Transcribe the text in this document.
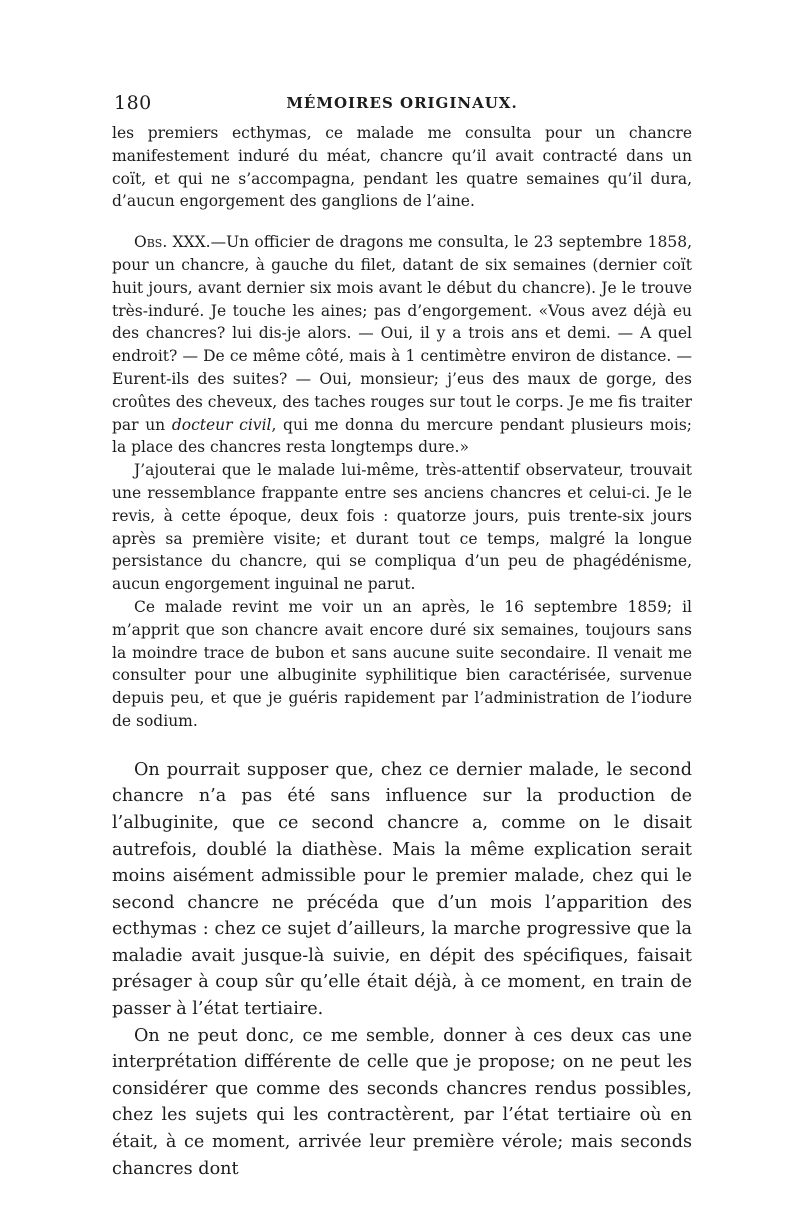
180	MÉMOIRES ORIGINAUX.

les premiers ecthymas, ce malade me consulta pour un chancre manifestement induré du méat, chancre qu’il avait contracté dans un coït, et qui ne s’accompagna, pendant les quatre semaines qu’il dura, d’aucun engorgement des ganglions de l’aine.

Obs. XXX.—Un officier de dragons me consulta, le 23 septembre 1858, pour un chancre, à gauche du filet, datant de six semaines (dernier coït huit jours, avant dernier six mois avant le début du chancre). Je le trouve très-induré. Je touche les aines; pas d’engorgement. «Vous avez déjà eu des chancres? lui dis-je alors. — Oui, il y a trois ans et demi. — A quel endroit? — De ce même côté, mais à 1 centimètre environ de distance. — Eurent-ils des suites? — Oui, monsieur; j’eus des maux de gorge, des croûtes des cheveux, des taches rouges sur tout le corps. Je me fis traiter par un docteur civil, qui me donna du mercure pendant plusieurs mois; la place des chancres resta longtemps dure.»

J’ajouterai que le malade lui-même, très-attentif observateur, trouvait une ressemblance frappante entre ses anciens chancres et celui-ci. Je le revis, à cette époque, deux fois : quatorze jours, puis trente-six jours après sa première visite; et durant tout ce temps, malgré la longue persistance du chancre, qui se compliqua d’un peu de phagédénisme, aucun engorgement inguinal ne parut.

Ce malade revint me voir un an après, le 16 septembre 1859; il m’apprit que son chancre avait encore duré six semaines, toujours sans la moindre trace de bubon et sans aucune suite secondaire. Il venait me consulter pour une albuginite syphilitique bien caractérisée, survenue depuis peu, et que je guéris rapidement par l’administration de l’iodure de sodium.

On pourrait supposer que, chez ce dernier malade, le second chancre n’a pas été sans influence sur la production de l’albuginite, que ce second chancre a, comme on le disait autrefois, doublé la diathèse. Mais la même explication serait moins aisément admissible pour le premier malade, chez qui le second chancre ne précéda que d’un mois l’apparition des ecthymas : chez ce sujet d’ailleurs, la marche progressive que la maladie avait jusque-là suivie, en dépit des spécifiques, faisait présager à coup sûr qu’elle était déjà, à ce moment, en train de passer à l’état tertiaire.

On ne peut donc, ce me semble, donner à ces deux cas une interprétation différente de celle que je propose; on ne peut les considérer que comme des seconds chancres rendus possibles, chez les sujets qui les contractèrent, par l’état tertiaire où en était, à ce moment, arrivée leur première vérole; mais seconds chancres dont
